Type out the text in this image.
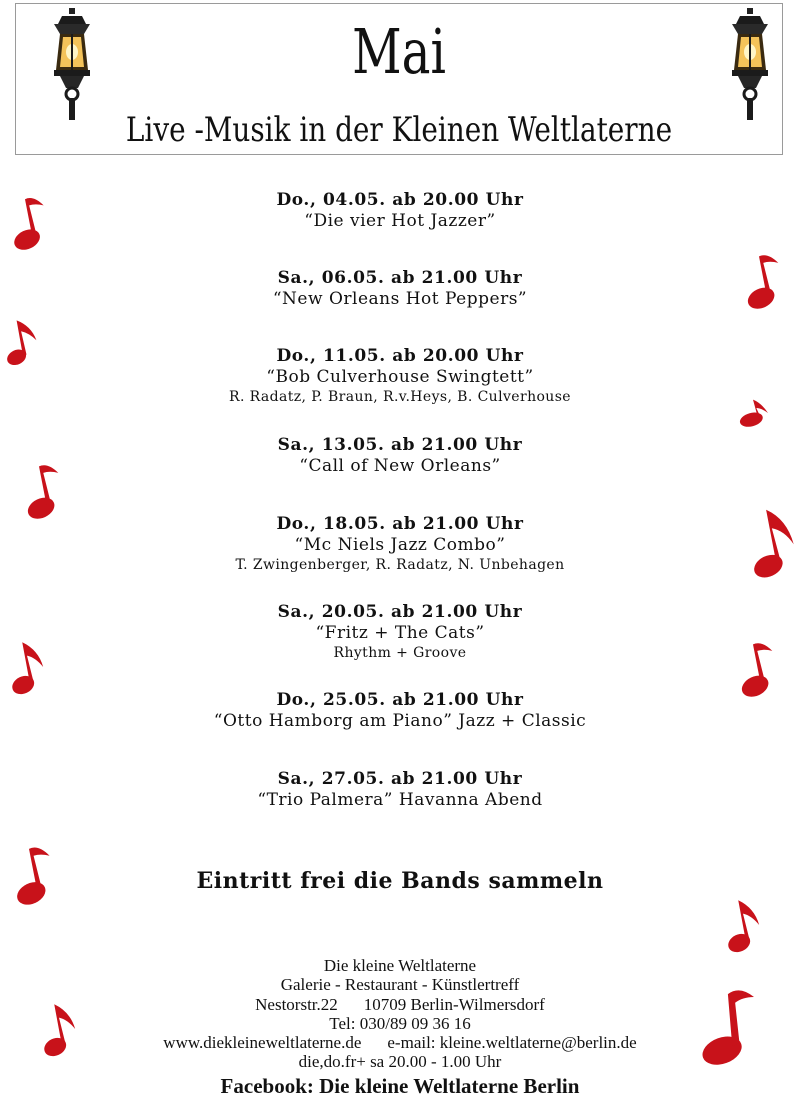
Mai
Live -Musik in der Kleinen Weltlaterne
Do., 04.05. ab 20.00 Uhr
“Die vier Hot Jazzer”
Sa., 06.05. ab 21.00 Uhr
“New Orleans Hot Peppers”
Do., 11.05. ab 20.00 Uhr
“Bob Culverhouse Swingtett”
R. Radatz, P. Braun, R.v.Heys, B. Culverhouse
Sa., 13.05. ab 21.00 Uhr
“Call of New Orleans”
Do., 18.05. ab 21.00 Uhr
“Mc Niels Jazz Combo”
T. Zwingenberger, R. Radatz, N. Unbehagen
Sa., 20.05. ab 21.00 Uhr
“Fritz + The Cats”
Rhythm + Groove
Do., 25.05. ab 21.00 Uhr
“Otto Hamborg am Piano” Jazz + Classic
Sa., 27.05. ab 21.00 Uhr
“Trio Palmera” Havanna Abend
Eintritt frei die Bands sammeln
Die kleine Weltlaterne
Galerie - Restaurant - Künstlertreff
Nestorstr.22 10709 Berlin-Wilmersdorf
Tel: 030/89 09 36 16
www.diekleineweltlaterne.de e-mail: kleine.weltlaterne@berlin.de
die,do.fr+ sa 20.00 - 1.00 Uhr
Facebook: Die kleine Weltlaterne Berlin
